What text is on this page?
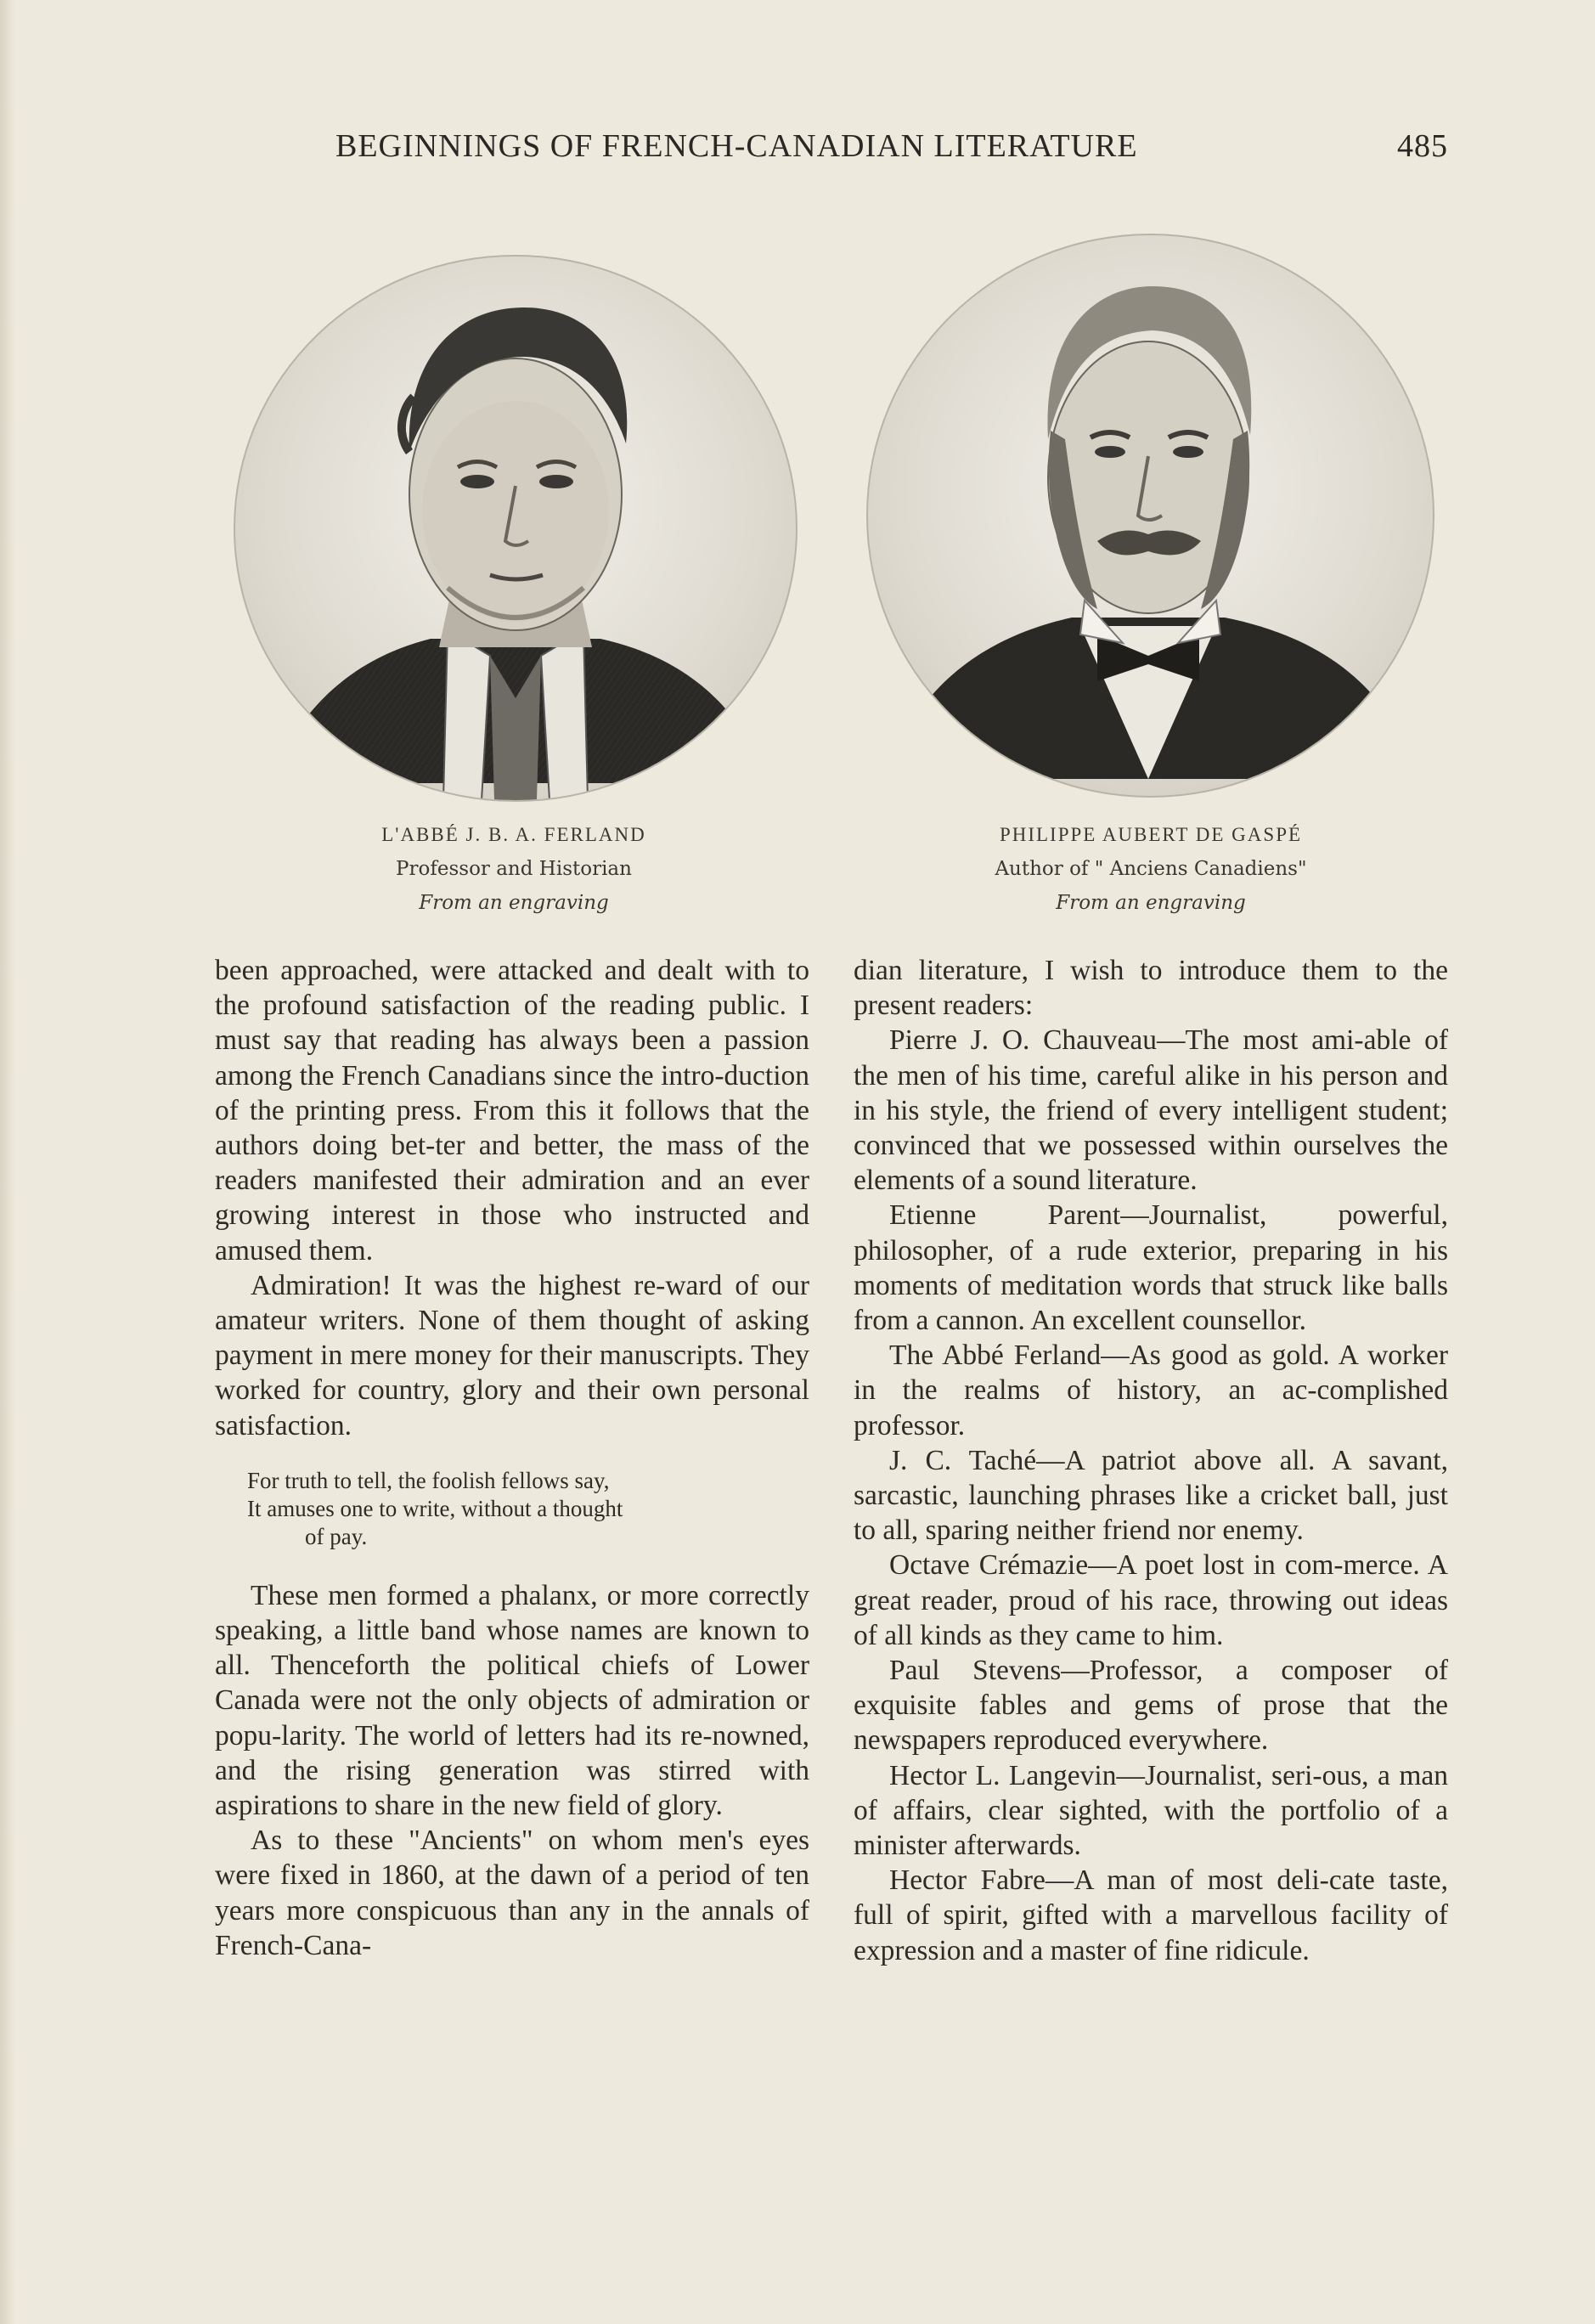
BEGINNINGS OF FRENCH-CANADIAN LITERATURE	485
L'ABBÉ J. B. A. FERLAND
Professor and Historian
From an engraving
PHILIPPE AUBERT DE GASPÉ
Author of " Anciens Canadiens"
From an engraving

been approached, were attacked and dealt with to the profound satisfaction of the reading public. I must say that reading has always been a passion among the French Canadians since the intro-duction of the printing press. From this it follows that the authors doing bet-ter and better, the mass of the readers manifested their admiration and an ever growing interest in those who instructed and amused them.

Admiration! It was the highest re-ward of our amateur writers. None of them thought of asking payment in mere money for their manuscripts. They worked for country, glory and their own personal satisfaction.

For truth to tell, the foolish fellows say,
It amuses one to write, without a thought
of pay.

These men formed a phalanx, or more correctly speaking, a little band whose names are known to all. Thenceforth the political chiefs of Lower Canada were not the only objects of admiration or popu-larity. The world of letters had its re-nowned, and the rising generation was stirred with aspirations to share in the new field of glory.

As to these "Ancients" on whom men's eyes were fixed in 1860, at the dawn of a period of ten years more conspicuous than any in the annals of French-Cana-

dian literature, I wish to introduce them to the present readers:

Pierre J. O. Chauveau—The most ami-able of the men of his time, careful alike in his person and in his style, the friend of every intelligent student; convinced that we possessed within ourselves the elements of a sound literature.

Etienne Parent—Journalist, powerful, philosopher, of a rude exterior, preparing in his moments of meditation words that struck like balls from a cannon. An excellent counsellor.

The Abbé Ferland—As good as gold. A worker in the realms of history, an ac-complished professor.

J. C. Taché—A patriot above all. A savant, sarcastic, launching phrases like a cricket ball, just to all, sparing neither friend nor enemy.

Octave Crémazie—A poet lost in com-merce. A great reader, proud of his race, throwing out ideas of all kinds as they came to him.

Paul Stevens—Professor, a composer of exquisite fables and gems of prose that the newspapers reproduced everywhere.

Hector L. Langevin—Journalist, seri-ous, a man of affairs, clear sighted, with the portfolio of a minister afterwards.

Hector Fabre—A man of most deli-cate taste, full of spirit, gifted with a marvellous facility of expression and a master of fine ridicule.
